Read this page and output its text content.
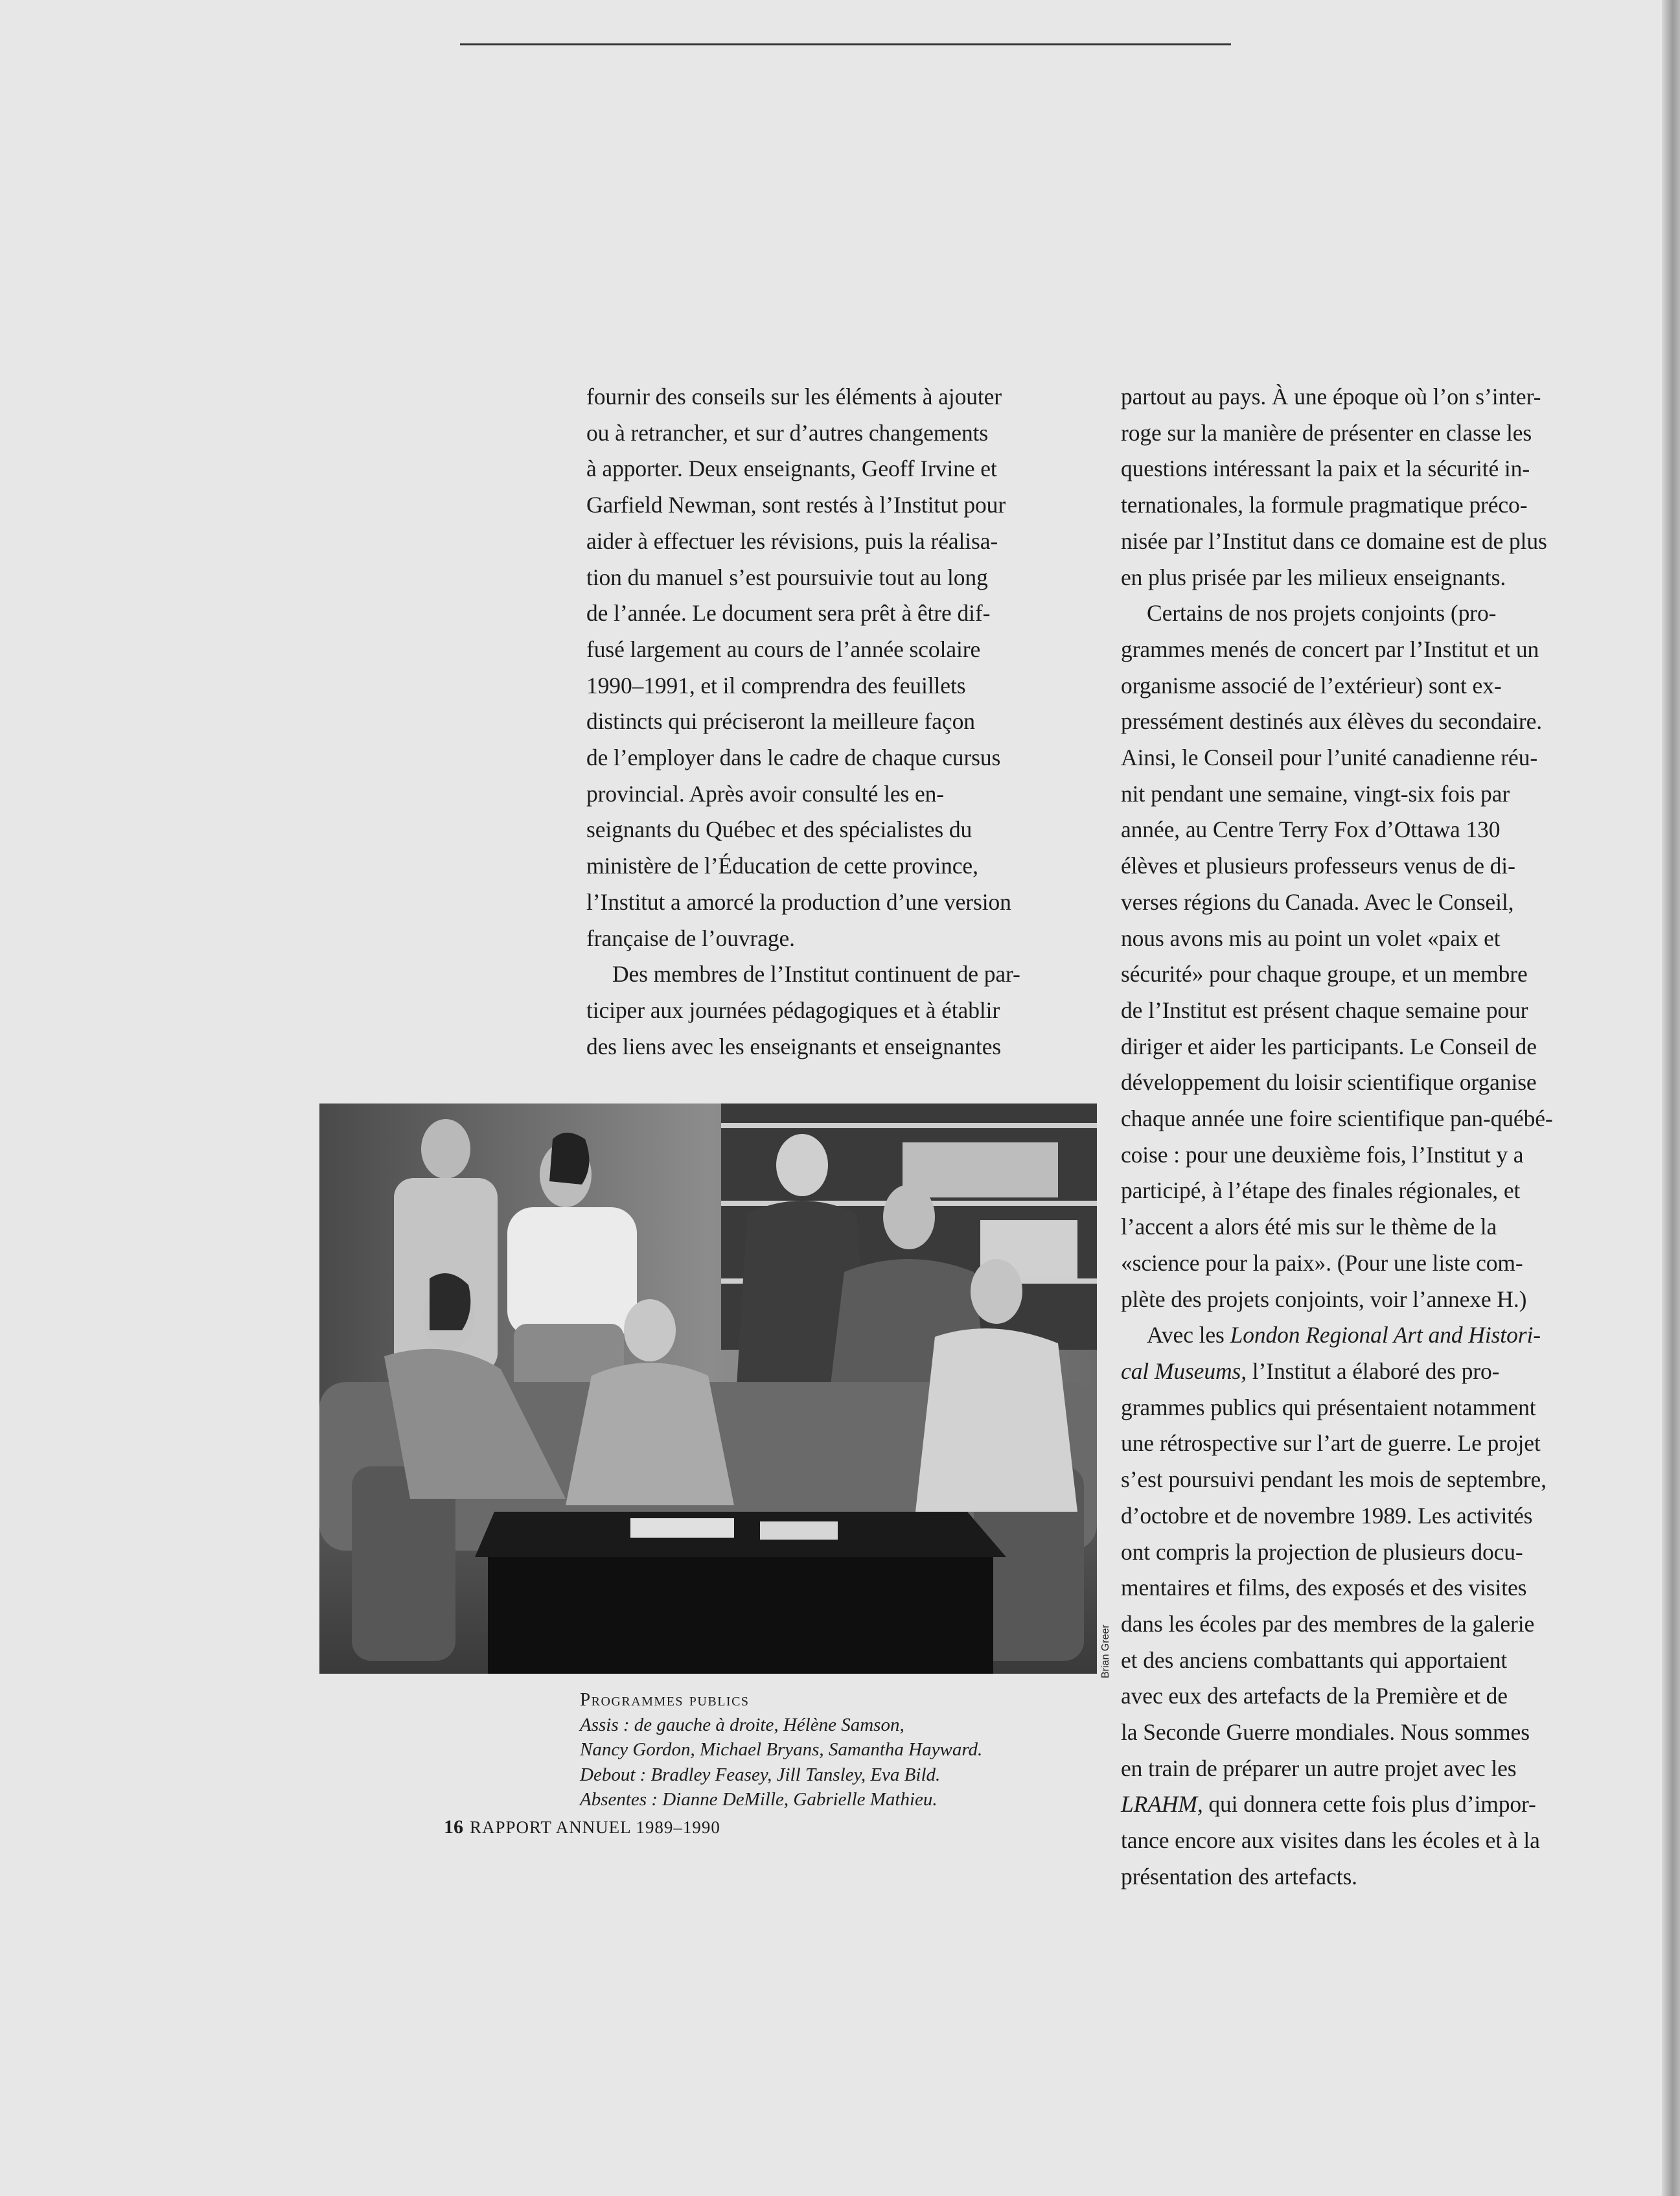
fournir des conseils sur les éléments à ajouter
ou à retrancher, et sur d’autres changements
à apporter. Deux enseignants, Geoff Irvine et
Garfield Newman, sont restés à l’Institut pour
aider à effectuer les révisions, puis la réalisa-
tion du manuel s’est poursuivie tout au long
de l’année. Le document sera prêt à être dif-
fusé largement au cours de l’année scolaire
1990–1991, et il comprendra des feuillets
distincts qui préciseront la meilleure façon
de l’employer dans le cadre de chaque cursus
provincial. Après avoir consulté les en-
seignants du Québec et des spécialistes du
ministère de l’Éducation de cette province,
l’Institut a amorcé la production d’une version
française de l’ouvrage.

Des membres de l’Institut continuent de par-
ticiper aux journées pédagogiques et à établir
des liens avec les enseignants et enseignantes

partout au pays. À une époque où l’on s’inter-
roge sur la manière de présenter en classe les
questions intéressant la paix et la sécurité in-
ternationales, la formule pragmatique préco-
nisée par l’Institut dans ce domaine est de plus
en plus prisée par les milieux enseignants.

Certains de nos projets conjoints (pro-
grammes menés de concert par l’Institut et un
organisme associé de l’extérieur) sont ex-
pressément destinés aux élèves du secondaire.
Ainsi, le Conseil pour l’unité canadienne réu-
nit pendant une semaine, vingt-six fois par
année, au Centre Terry Fox d’Ottawa 130
élèves et plusieurs professeurs venus de di-
verses régions du Canada. Avec le Conseil,
nous avons mis au point un volet «paix et
sécurité» pour chaque groupe, et un membre
de l’Institut est présent chaque semaine pour
diriger et aider les participants. Le Conseil de
développement du loisir scientifique organise
chaque année une foire scientifique pan-québé-
coise : pour une deuxième fois, l’Institut y a
participé, à l’étape des finales régionales, et
l’accent a alors été mis sur le thème de la
«science pour la paix». (Pour une liste com-
plète des projets conjoints, voir l’annexe H.)

Avec les London Regional Art and Histori-
cal Museums, l’Institut a élaboré des pro-
grammes publics qui présentaient notamment
une rétrospective sur l’art de guerre. Le projet
s’est poursuivi pendant les mois de septembre,
d’octobre et de novembre 1989. Les activités
ont compris la projection de plusieurs docu-
mentaires et films, des exposés et des visites
dans les écoles par des membres de la galerie
et des anciens combattants qui apportaient
avec eux des artefacts de la Première et de
la Seconde Guerre mondiales. Nous sommes
en train de préparer un autre projet avec les
LRAHM, qui donnera cette fois plus d’impor-
tance encore aux visites dans les écoles et à la
présentation des artefacts.

Brian Greer
Programmes publics
Assis : de gauche à droite, Hélène Samson,
Nancy Gordon, Michael Bryans, Samantha Hayward.
Debout : Bradley Feasey, Jill Tansley, Eva Bild.
Absentes : Dianne DeMille, Gabrielle Mathieu.
16 RAPPORT ANNUEL 1989–1990
